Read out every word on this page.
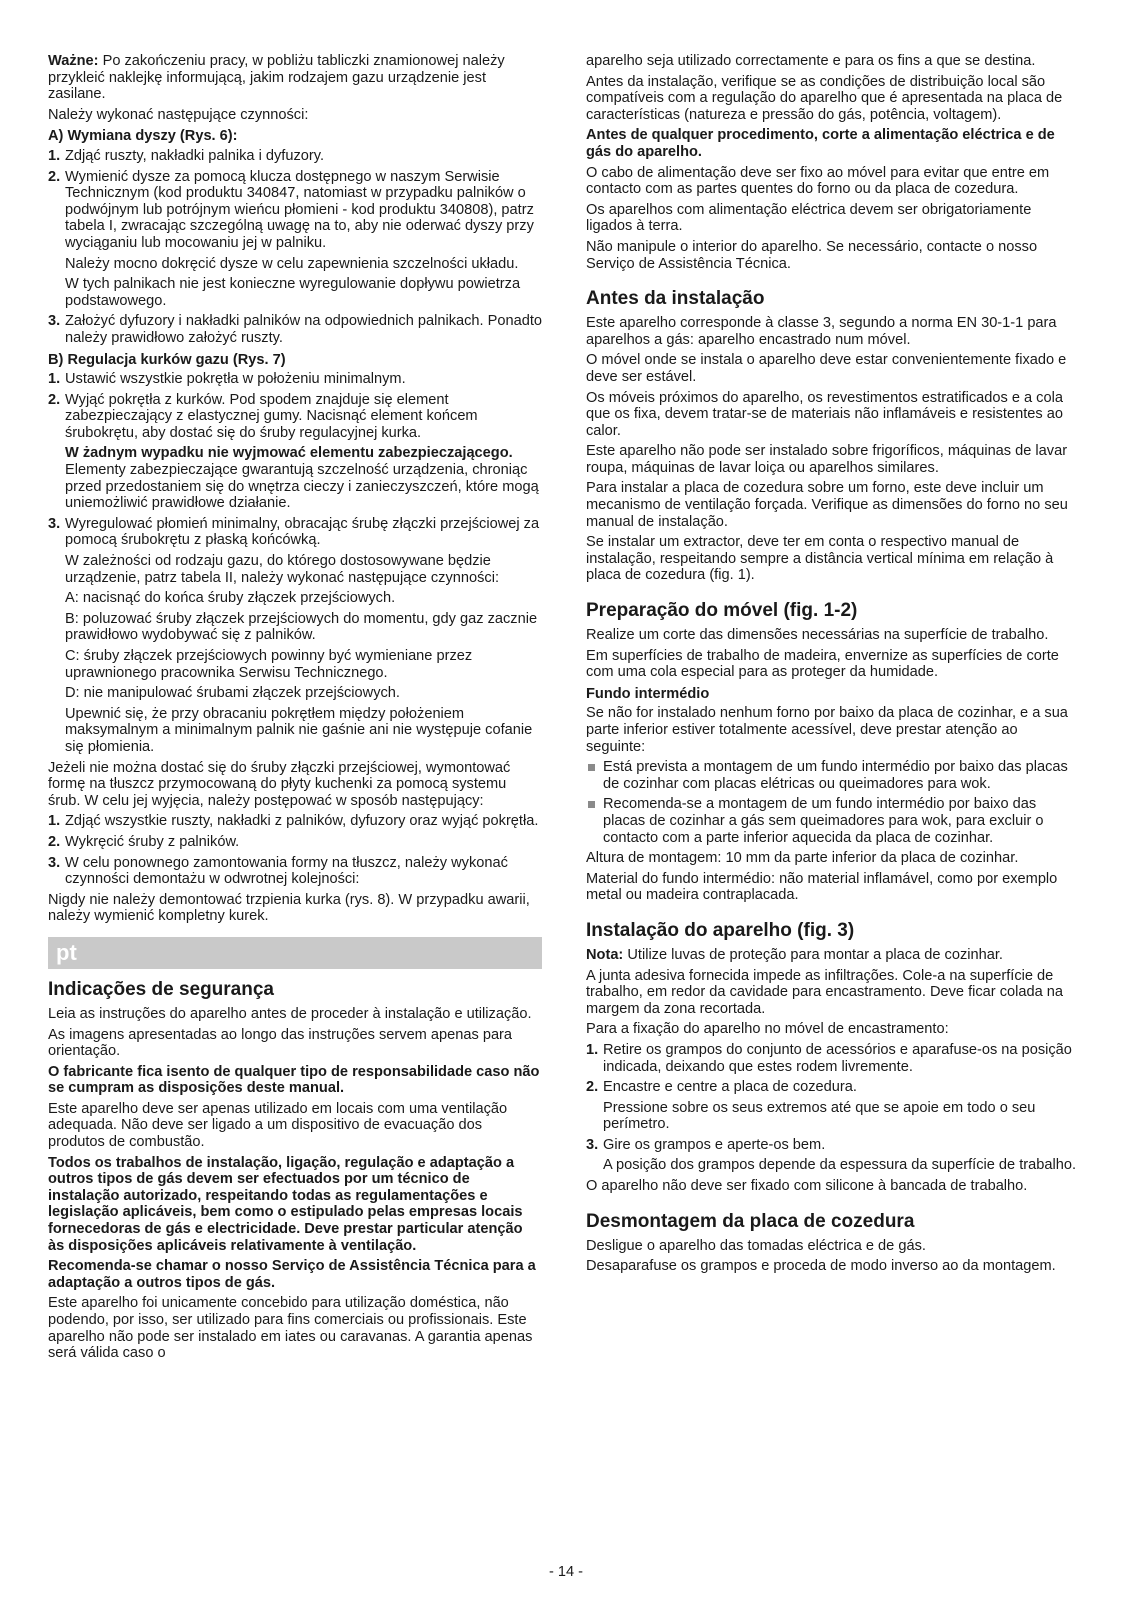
Ważne: Po zakończeniu pracy, w pobliżu tabliczki znamionowej należy przykleić naklejkę informującą, jakim rodzajem gazu urządzenie jest zasilane.

Należy wykonać następujące czynności:

A) Wymiana dyszy (Rys. 6):
1. Zdjąć ruszty, nakładki palnika i dyfuzory.
2. Wymienić dysze za pomocą klucza dostępnego w naszym Serwisie Technicznym (kod produktu 340847, natomiast w przypadku palników o podwójnym lub potrójnym wieńcu płomieni - kod produktu 340808), patrz tabela I, zwracając szczególną uwagę na to, aby nie oderwać dyszy przy wyciąganiu lub mocowaniu jej w palniku.
Należy mocno dokręcić dysze w celu zapewnienia szczelności układu.
W tych palnikach nie jest konieczne wyregulowanie dopływu powietrza podstawowego.
3. Założyć dyfuzory i nakładki palników na odpowiednich palnikach. Ponadto należy prawidłowo założyć ruszty.
B) Regulacja kurków gazu (Rys. 7)
1. Ustawić wszystkie pokrętła w położeniu minimalnym.
2. Wyjąć pokrętła z kurków. Pod spodem znajduje się element zabezpieczający z elastycznej gumy. Nacisnąć element końcem śrubokrętu, aby dostać się do śruby regulacyjnej kurka.
W żadnym wypadku nie wyjmować elementu zabezpieczającego. Elementy zabezpieczające gwarantują szczelność urządzenia, chroniąc przed przedostaniem się do wnętrza cieczy i zanieczyszczeń, które mogą uniemożliwić prawidłowe działanie.
3. Wyregulować płomień minimalny, obracając śrubę złączki przejściowej za pomocą śrubokrętu z płaską końcówką.
W zależności od rodzaju gazu, do którego dostosowywane będzie urządzenie, patrz tabela II, należy wykonać następujące czynności:
A: nacisnąć do końca śruby złączek przejściowych.
B: poluzować śruby złączek przejściowych do momentu, gdy gaz zacznie prawidłowo wydobywać się z palników.
C: śruby złączek przejściowych powinny być wymieniane przez uprawnionego pracownika Serwisu Technicznego.
D: nie manipulować śrubami złączek przejściowych.
Upewnić się, że przy obracaniu pokrętłem między położeniem maksymalnym a minimalnym palnik nie gaśnie ani nie występuje cofanie się płomienia.

Jeżeli nie można dostać się do śruby złączki przejściowej, wymontować formę na tłuszcz przymocowaną do płyty kuchenki za pomocą systemu śrub. W celu jej wyjęcia, należy postępować w sposób następujący:

1. Zdjąć wszystkie ruszty, nakładki z palników, dyfuzory oraz wyjąć pokrętła.
2. Wykręcić śruby z palników.
3. W celu ponownego zamontowania formy na tłuszcz, należy wykonać czynności demontażu w odwrotnej kolejności:

Nigdy nie należy demontować trzpienia kurka (rys. 8). W przypadku awarii, należy wymienić kompletny kurek.

pt
Indicações de segurança

Leia as instruções do aparelho antes de proceder à instalação e utilização.

As imagens apresentadas ao longo das instruções servem apenas para orientação.

O fabricante fica isento de qualquer tipo de responsabilidade caso não se cumpram as disposições deste manual.

Este aparelho deve ser apenas utilizado em locais com uma ventilação adequada. Não deve ser ligado a um dispositivo de evacuação dos produtos de combustão.

Todos os trabalhos de instalação, ligação, regulação e adaptação a outros tipos de gás devem ser efectuados por um técnico de instalação autorizado, respeitando todas as regulamentações e legislação aplicáveis, bem como o estipulado pelas empresas locais fornecedoras de gás e electricidade. Deve prestar particular atenção às disposições aplicáveis relativamente à ventilação.

Recomenda-se chamar o nosso Serviço de Assistência Técnica para a adaptação a outros tipos de gás.

Este aparelho foi unicamente concebido para utilização doméstica, não podendo, por isso, ser utilizado para fins comerciais ou profissionais. Este aparelho não pode ser instalado em iates ou caravanas. A garantia apenas será válida caso o

aparelho seja utilizado correctamente e para os fins a que se destina.

Antes da instalação, verifique se as condições de distribuição local são compatíveis com a regulação do aparelho que é apresentada na placa de características (natureza e pressão do gás, potência, voltagem).

Antes de qualquer procedimento, corte a alimentação eléctrica e de gás do aparelho.

O cabo de alimentação deve ser fixo ao móvel para evitar que entre em contacto com as partes quentes do forno ou da placa de cozedura.

Os aparelhos com alimentação eléctrica devem ser obrigatoriamente ligados à terra.

Não manipule o interior do aparelho. Se necessário, contacte o nosso Serviço de Assistência Técnica.

Antes da instalação

Este aparelho corresponde à classe 3, segundo a norma EN 30-1-1 para aparelhos a gás: aparelho encastrado num móvel.

O móvel onde se instala o aparelho deve estar convenientemente fixado e deve ser estável.

Os móveis próximos do aparelho, os revestimentos estratificados e a cola que os fixa, devem tratar-se de materiais não inflamáveis e resistentes ao calor.

Este aparelho não pode ser instalado sobre frigoríficos, máquinas de lavar roupa, máquinas de lavar loiça ou aparelhos similares.

Para instalar a placa de cozedura sobre um forno, este deve incluir um mecanismo de ventilação forçada. Verifique as dimensões do forno no seu manual de instalação.

Se instalar um extractor, deve ter em conta o respectivo manual de instalação, respeitando sempre a distância vertical mínima em relação à placa de cozedura (fig. 1).

Preparação do móvel (fig. 1-2)

Realize um corte das dimensões necessárias na superfície de trabalho.

Em superfícies de trabalho de madeira, envernize as superfícies de corte com uma cola especial para as proteger da humidade.

Fundo intermédio

Se não for instalado nenhum forno por baixo da placa de cozinhar, e a sua parte inferior estiver totalmente acessível, deve prestar atenção ao seguinte:

Está prevista a montagem de um fundo intermédio por baixo das placas de cozinhar com placas elétricas ou queimadores para wok.
Recomenda-se a montagem de um fundo intermédio por baixo das placas de cozinhar a gás sem queimadores para wok, para excluir o contacto com a parte inferior aquecida da placa de cozinhar.

Altura de montagem: 10 mm da parte inferior da placa de cozinhar.

Material do fundo intermédio: não material inflamável, como por exemplo metal ou madeira contraplacada.

Instalação do aparelho (fig. 3)

Nota: Utilize luvas de proteção para montar a placa de cozinhar.

A junta adesiva fornecida impede as infiltrações. Cole-a na superfície de trabalho, em redor da cavidade para encastramento. Deve ficar colada na margem da zona recortada.

Para a fixação do aparelho no móvel de encastramento:

1. Retire os grampos do conjunto de acessórios e aparafuse-os na posição indicada, deixando que estes rodem livremente.
2. Encastre e centre a placa de cozedura.
Pressione sobre os seus extremos até que se apoie em todo o seu perímetro.
3. Gire os grampos e aperte-os bem.
A posição dos grampos depende da espessura da superfície de trabalho.

O aparelho não deve ser fixado com silicone à bancada de trabalho.

Desmontagem da placa de cozedura

Desligue o aparelho das tomadas eléctrica e de gás.

Desaparafuse os grampos e proceda de modo inverso ao da montagem.

- 14 -
